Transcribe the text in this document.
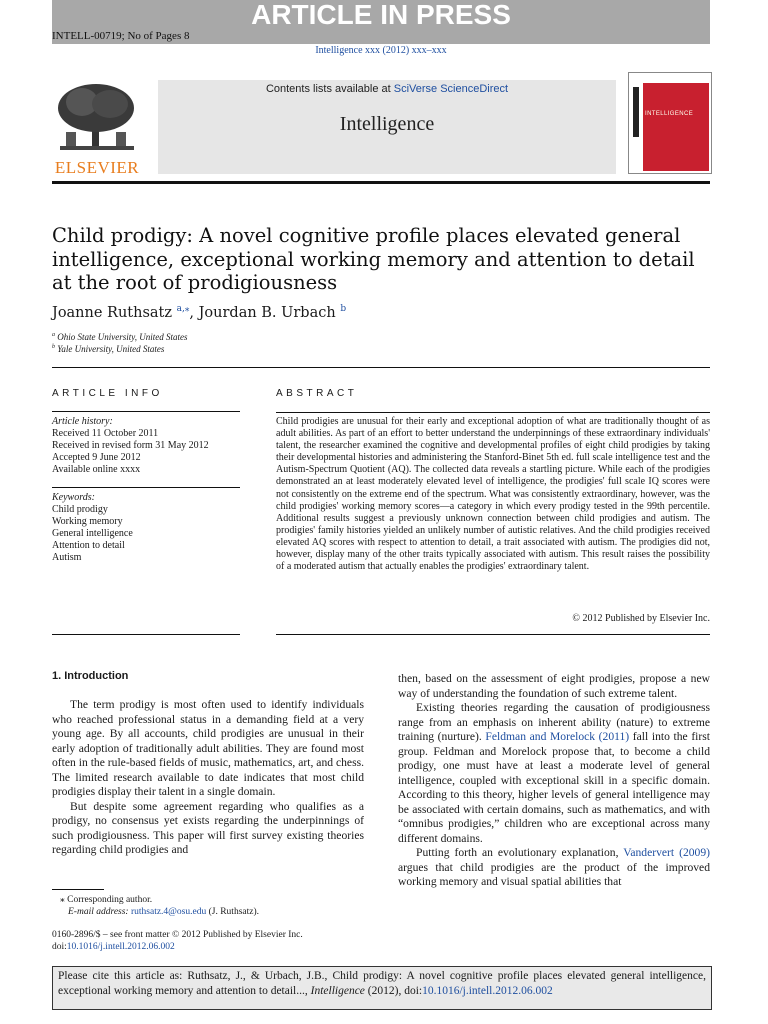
ARTICLE IN PRESS
INTELL-00719; No of Pages 8
Intelligence xxx (2012) xxx–xxx
ELSEVIER
Contents lists available at SciVerse ScienceDirect
Intelligence	INTELLIGENCE
Child prodigy: A novel cognitive profile places elevated general intelligence, exceptional working memory and attention to detail at the root of prodigiousness
Joanne Ruthsatz $^{a,⁎}$, Jourdan B. Urbach $^b$
$^a$ Ohio State University, United States
$^b$ Yale University, United States
ARTICLE INFO
Article history:
Received 11 October 2011
Received in revised form 31 May 2012
Accepted 9 June 2012
Available online xxxx
Keywords:
Child prodigy
Working memory
General intelligence
Attention to detail
Autism
ABSTRACT
Child prodigies are unusual for their early and exceptional adoption of what are traditionally thought of as adult abilities. As part of an effort to better understand the underpinnings of these extraordinary individuals' talent, the researcher examined the cognitive and developmental profiles of eight child prodigies by taking their developmental histories and administering the Stanford-Binet 5th ed. full scale intelligence test and the Autism-Spectrum Quotient (AQ). The collected data reveals a startling picture. While each of the prodigies demonstrated an at least moderately elevated level of intelligence, the prodigies' full scale IQ scores were not consistently on the extreme end of the spectrum. What was consistently extraordinary, however, was the child prodigies' working memory scores—a category in which every prodigy tested in the 99th percentile. Additional results suggest a previously unknown connection between child prodigies and autism. The prodigies' family histories yielded an unlikely number of autistic relatives. And the child prodigies received elevated AQ scores with respect to attention to detail, a trait associated with autism. The prodigies did not, however, display many of the other traits typically associated with autism. This result raises the possibility of a moderated autism that actually enables the prodigies' extraordinary talent.
© 2012 Published by Elsevier Inc.
1. Introduction

The term prodigy is most often used to identify individuals who reached professional status in a demanding field at a very young age. By all accounts, child prodigies are unusual in their early adoption of traditionally adult abilities. They are found most often in the rule-based fields of music, mathematics, art, and chess. The limited research available to date indicates that most child prodigies display their talent in a single domain.

But despite some agreement regarding who qualifies as a prodigy, no consensus yet exists regarding the underpinnings of such prodigiousness. This paper will first survey existing theories regarding child prodigies and

then, based on the assessment of eight prodigies, propose a new way of understanding the foundation of such extreme talent.

Existing theories regarding the causation of prodigiousness range from an emphasis on inherent ability (nature) to extreme training (nurture). Feldman and Morelock (2011) fall into the first group. Feldman and Morelock propose that, to become a child prodigy, one must have at least a moderate level of general intelligence, coupled with exceptional skill in a specific domain. According to this theory, higher levels of general intelligence may be associated with certain domains, such as mathematics, and with “omnibus prodigies,” children who are exceptional across many different domains.

Putting forth an evolutionary explanation, Vandervert (2009) argues that child prodigies are the product of the improved working memory and visual spatial abilities that

⁎ Corresponding author.
E-mail address: ruthsatz.4@osu.edu (J. Ruthsatz).
0160-2896/$ – see front matter © 2012 Published by Elsevier Inc.
doi:10.1016/j.intell.2012.06.002
Please cite this article as: Ruthsatz, J., & Urbach, J.B., Child prodigy: A novel cognitive profile places elevated general intelligence, exceptional working memory and attention to detail..., Intelligence (2012), doi:10.1016/j.intell.2012.06.002
